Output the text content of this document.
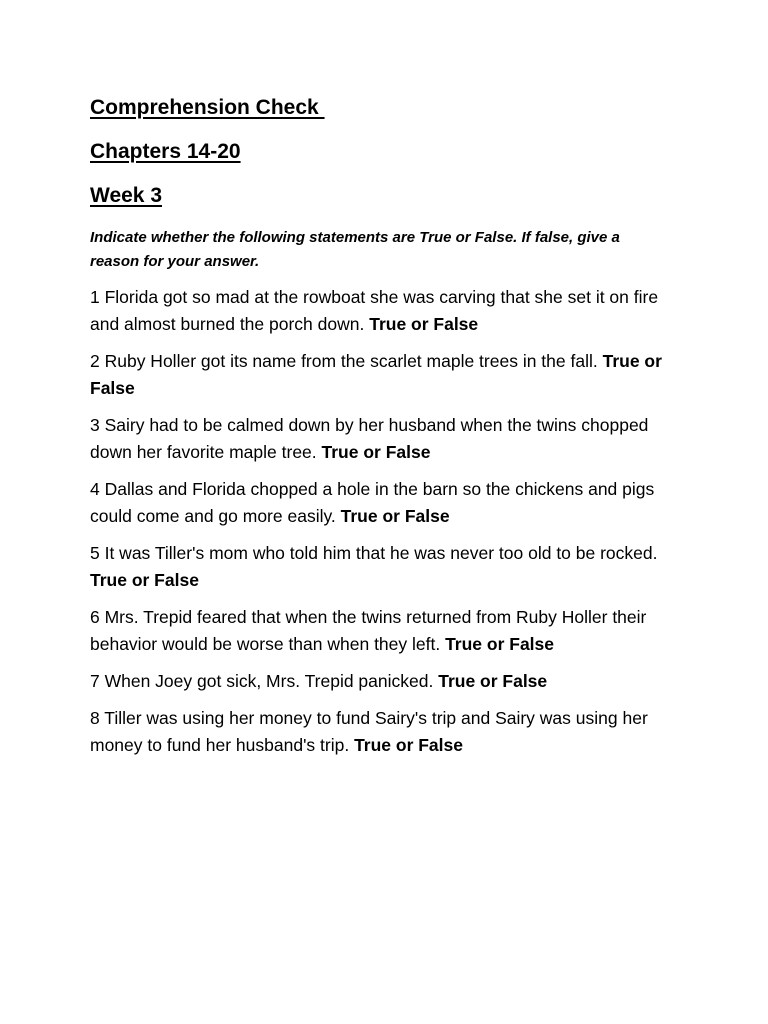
Comprehension Check
Chapters 14-20
Week 3
Indicate whether the following statements are True or False. If false, give a reason for your answer.
1 Florida got so mad at the rowboat she was carving that she set it on fire and almost burned the porch down. True or False
2 Ruby Holler got its name from the scarlet maple trees in the fall. True or False
3 Sairy had to be calmed down by her husband when the twins chopped down her favorite maple tree. True or False
4 Dallas and Florida chopped a hole in the barn so the chickens and pigs could come and go more easily. True or False
5 It was Tiller's mom who told him that he was never too old to be rocked. True or False
6 Mrs. Trepid feared that when the twins returned from Ruby Holler their behavior would be worse than when they left. True or False
7 When Joey got sick, Mrs. Trepid panicked. True or False
8 Tiller was using her money to fund Sairy's trip and Sairy was using her money to fund her husband's trip. True or False
